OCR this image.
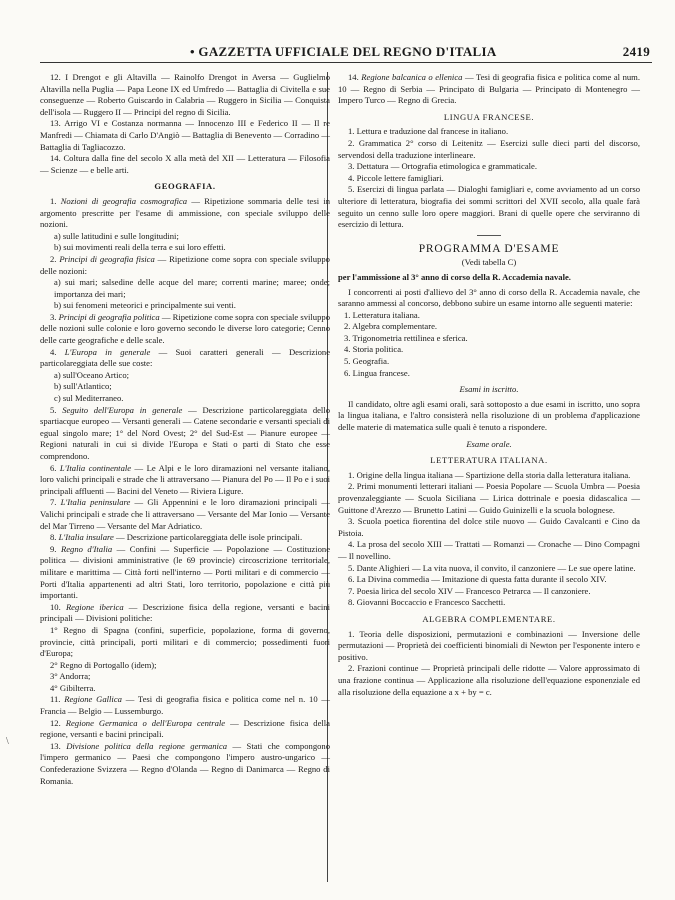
• GAZZETTA UFFICIALE DEL REGNO D'ITALIA	2419
\

12. I Drengot e gli Altavilla — Rainolfo Drengot in Aversa — Guglielmo Altavilla nella Puglia — Papa Leone IX ed Umfredo — Battaglia di Civitella e sue conseguenze — Roberto Guiscardo in Calabria — Ruggero in Sicilia — Conquista dell'isola — Ruggero II — Principi del regno di Sicilia.

13. Arrigo VI e Costanza normanna — Innocenzo III e Federico II — Il re Manfredi — Chiamata di Carlo D'Angiò — Battaglia di Benevento — Corradino — Battaglia di Tagliacozzo.

14. Coltura dalla fine del secolo X alla metà del XII — Letteratura — Filosofia — Scienze — e belle arti.

GEOGRAFIA.

1. Nozioni di geografia cosmografica — Ripetizione sommaria delle tesi in argomento prescritte per l'esame di ammissione, con speciale sviluppo delle nozioni.

a) sulle latitudini e sulle longitudini;

b) sui movimenti reali della terra e sui loro effetti.

2. Principi di geografia fisica — Ripetizione come sopra con speciale sviluppo delle nozioni:

a) sui mari; salsedine delle acque del mare; correnti marine; maree; onde; importanza dei mari;

b) sui fenomeni meteorici e principalmente sui venti.

3. Principi di geografia politica — Ripetizione come sopra con speciale sviluppo delle nozioni sulle colonie e loro governo secondo le diverse loro categorie; Cenno delle carte geografiche e delle scale.

4. L'Europa in generale — Suoi caratteri generali — Descrizione particolareggiata delle sue coste:

a) sull'Oceano Artico;

b) sull'Atlantico;

c) sul Mediterraneo.

5. Seguito dell'Europa in generale — Descrizione particolareggiata dello spartiacque europeo — Versanti generali — Catene secondarie e versanti speciali di egual singolo mare; 1° del Nord Ovest; 2° del Sud-Est — Pianure europee — Regioni naturali in cui si divide l'Europa e Stati o parti di Stato che esse comprendono.

6. L'Italia continentale — Le Alpi e le loro diramazioni nel versante italiano, loro valichi principali e strade che li attraversano — Pianura del Po — Il Po e i suoi principali affluenti — Bacini del Veneto — Riviera Ligure.

7. L'Italia peninsulare — Gli Appennini e le loro diramazioni principali — Valichi principali e strade che li attraversano — Versante del Mar Ionio — Versante del Mar Tirreno — Versante del Mar Adriatico.

8. L'Italia insulare — Descrizione particolareggiata delle isole principali.

9. Regno d'Italia — Confini — Superficie — Popolazione — Costituzione politica — divisioni amministrative (le 69 provincie) circoscrizione territoriale, militare e marittima — Città forti nell'interno — Porti militari e di commercio — Porti d'Italia appartenenti ad altri Stati, loro territorio, popolazione e città più importanti.

10. Regione iberica — Descrizione fisica della regione, versanti e bacini principali — Divisioni politiche:

1° Regno di Spagna (confini, superficie, popolazione, forma di governo, provincie, città principali, porti militari e di commercio; possedimenti fuori d'Europa;

2° Regno di Portogallo (idem);

3° Andorra;

4° Gibilterra.

11. Regione Gallica — Tesi di geografia fisica e politica come nel n. 10 — Francia — Belgio — Lussemburgo.

12. Regione Germanica o dell'Europa centrale — Descrizione fisica della regione, versanti e bacini principali.

13. Divisione politica della regione germanica — Stati che compongono l'impero germanico — Paesi che compongono l'impero austro-ungarico — Confederazione Svizzera — Regno d'Olanda — Regno di Danimarca — Regno di Romania.

14. Regione balcanica o ellenica — Tesi di geografia fisica e politica come al num. 10 — Regno di Serbia — Principato di Bulgaria — Principato di Montenegro — Impero Turco — Regno di Grecia.

LINGUA FRANCESE.

1. Lettura e traduzione dal francese in italiano.

2. Grammatica 2° corso di Leitenitz — Esercizi sulle dieci parti del discorso, servendosi della traduzione interlineare.

3. Dettatura — Ortografia etimologica e grammaticale.

4. Piccole lettere famigliari.

5. Esercizi di lingua parlata — Dialoghi famigliari e, come avviamento ad un corso ulteriore di letteratura, biografia dei sommi scrittori del XVII secolo, alla quale farà seguito un cenno sulle loro opere maggiori. Brani di quelle opere che serviranno di esercizio di lettura.

PROGRAMMA D'ESAME
(Vedi tabella C)

per l'ammissione al 3° anno di corso della R. Accademia navale.

I concorrenti ai posti d'allievo del 3° anno di corso della R. Accademia navale, che saranno ammessi al concorso, debbono subire un esame intorno alle seguenti materie:

1. Letteratura italiana.

2. Algebra complementare.

3. Trigonometria rettilinea e sferica.

4. Storia politica.

5. Geografia.

6. Lingua francese.

Esami in iscritto.

Il candidato, oltre agli esami orali, sarà sottoposto a due esami in iscritto, uno sopra la lingua italiana, e l'altro consisterà nella risoluzione di un problema d'applicazione delle materie di matematica sulle quali è tenuto a rispondere.

Esame orale.
LETTERATURA ITALIANA.

1. Origine della lingua italiana — Spartizione della storia dalla letteratura italiana.

2. Primi monumenti letterari italiani — Poesia Popolare — Scuola Umbra — Poesia provenzaleggiante — Scuola Siciliana — Lirica dottrinale e poesia didascalica — Guittone d'Arezzo — Brunetto Latini — Guido Guinizelli e la scuola bolognese.

3. Scuola poetica fiorentina del dolce stile nuovo — Guido Cavalcanti e Cino da Pistoia.

4. La prosa del secolo XIII — Trattati — Romanzi — Cronache — Dino Compagni — Il novellino.

5. Dante Alighieri — La vita nuova, il convito, il canzoniere — Le sue opere latine.

6. La Divina commedia — Imitazione di questa fatta durante il secolo XIV.

7. Poesia lirica del secolo XIV — Francesco Petrarca — Il canzoniere.

8. Giovanni Boccaccio e Francesco Sacchetti.

ALGEBRA COMPLEMENTARE.

1. Teoria delle disposizioni, permutazioni e combinazioni — Inversione delle permutazioni — Proprietà dei coefficienti binomiali di Newton per l'esponente intero e positivo.

2. Frazioni continue — Proprietà principali delle ridotte — Valore approssimato di una frazione continua — Applicazione alla risoluzione dell'equazione esponenziale ed alla risoluzione della equazione a x + by = c.
